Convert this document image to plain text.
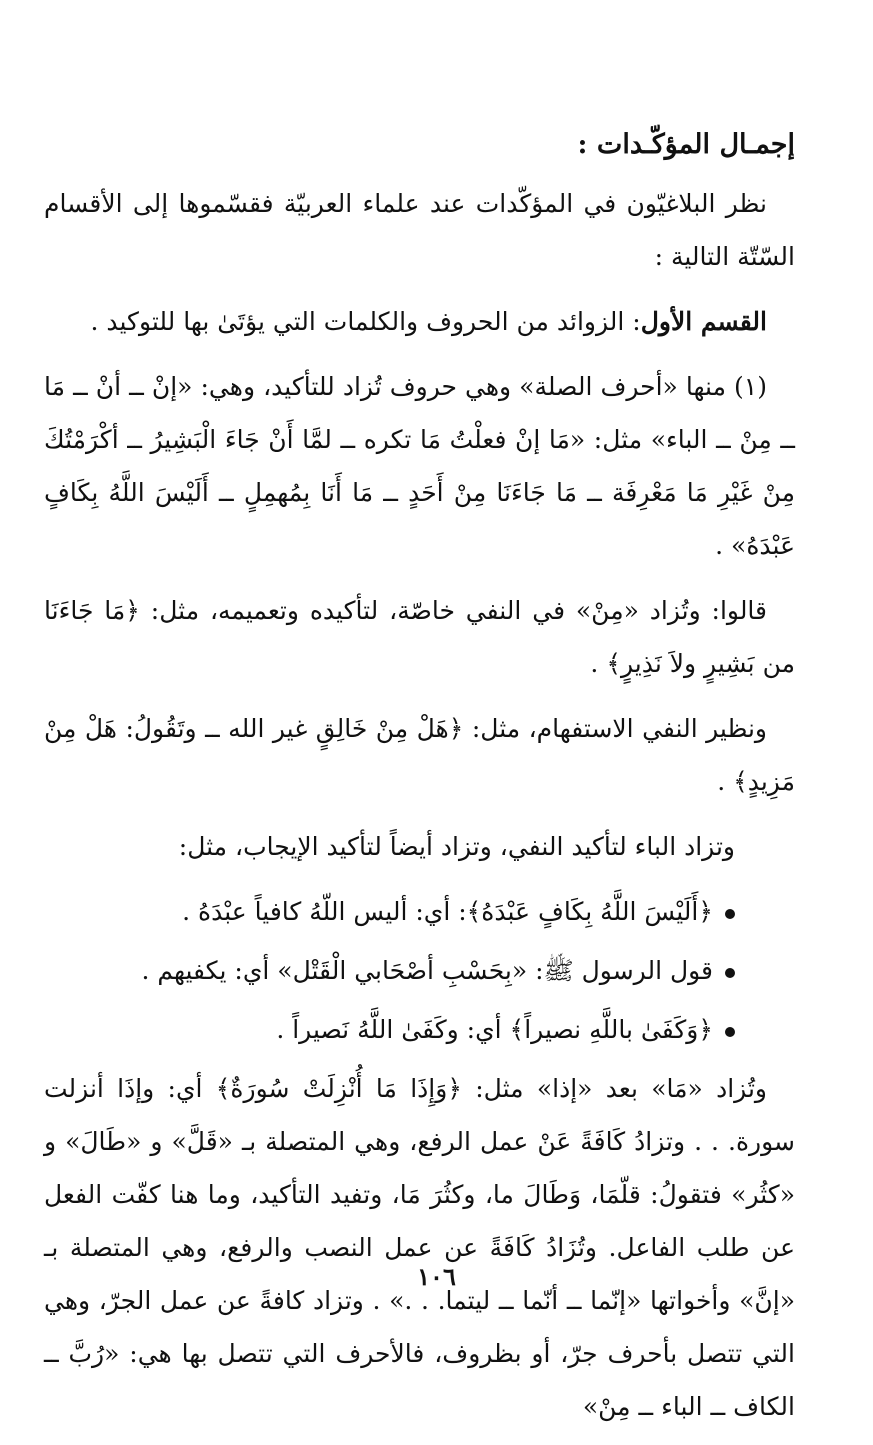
إجمـال المؤكّـدات :

نظر البلاغيّون في المؤكّدات عند علماء العربيّة فقسّموها إلى الأقسام السّتّة التالية :

القسم الأول: الزوائد من الحروف والكلمات التي يؤتَىٰ بها للتوكيد .

(١) منها «أحرف الصلة» وهي حروف تُزاد للتأكيد، وهي: «إنْ ــ أنْ ــ مَا ــ مِنْ ــ الباء» مثل: «مَا إنْ فعلْتُ مَا تكره ــ لمَّا أَنْ جَاءَ الْبَشِيرُ ــ أكْرَمْتُكَ مِنْ غَيْرِ مَا مَعْرِفَة ــ مَا جَاءَنَا مِنْ أَحَدٍ ــ مَا أَنَا بِمُهمِلٍ ــ أَلَيْسَ اللَّهُ بِكَافٍ عَبْدَهُ» .

قالوا: وتُزاد «مِنْ» في النفي خاصّة، لتأكيده وتعميمه، مثل: ﴿مَا جَاءَنَا من بَشِيرٍ ولاَ نَذِيرٍ﴾ .

ونظير النفي الاستفهام، مثل: ﴿هَلْ مِنْ خَالِقٍ غير الله ــ وتَقُولُ: هَلْ مِنْ مَزِيدٍ﴾ .

وتزاد الباء لتأكيد النفي، وتزاد أيضاً لتأكيد الإيجاب، مثل:

﴿أَلَيْسَ اللَّهُ بِكَافٍ عَبْدَهُ﴾: أي: أليس اللّهُ كافياً عبْدَهُ .
قول الرسول ﷺ: «بِحَسْبِ أصْحَابي الْقَتْل» أي: يكفيهم .
﴿وَكَفَىٰ باللَّهِ نصيراً﴾ أي: وكَفَىٰ اللَّهُ نَصيراً .

وتُزاد «مَا» بعد «إذا» مثل: ﴿وَإِذَا مَا أُنْزِلَتْ سُورَةٌ﴾ أي: وإذَا أنزلت سورة. . . وتزادُ كَافَةً عَنْ عمل الرفع، وهي المتصلة بـ «قَلَّ» و «طَالَ» و «كثُر» فتقولُ: قلّمَا، وَطَالَ ما، وكثُرَ مَا، وتفيد التأكيد، وما هنا كفّت الفعل عن طلب الفاعل. وتُزَادُ كَافَةً عن عمل النصب والرفع، وهي المتصلة بـ «إنَّ» وأخواتها «إنّما ــ أنّما ــ ليتما. . .» . وتزاد كافةً عن عمل الجرّ، وهي التي تتصل بأحرف جرّ، أو بظروف، فالأحرف التي تتصل بها هي: «رُبَّ ــ الكاف ــ الباء ــ مِنْ»

١٠٦
